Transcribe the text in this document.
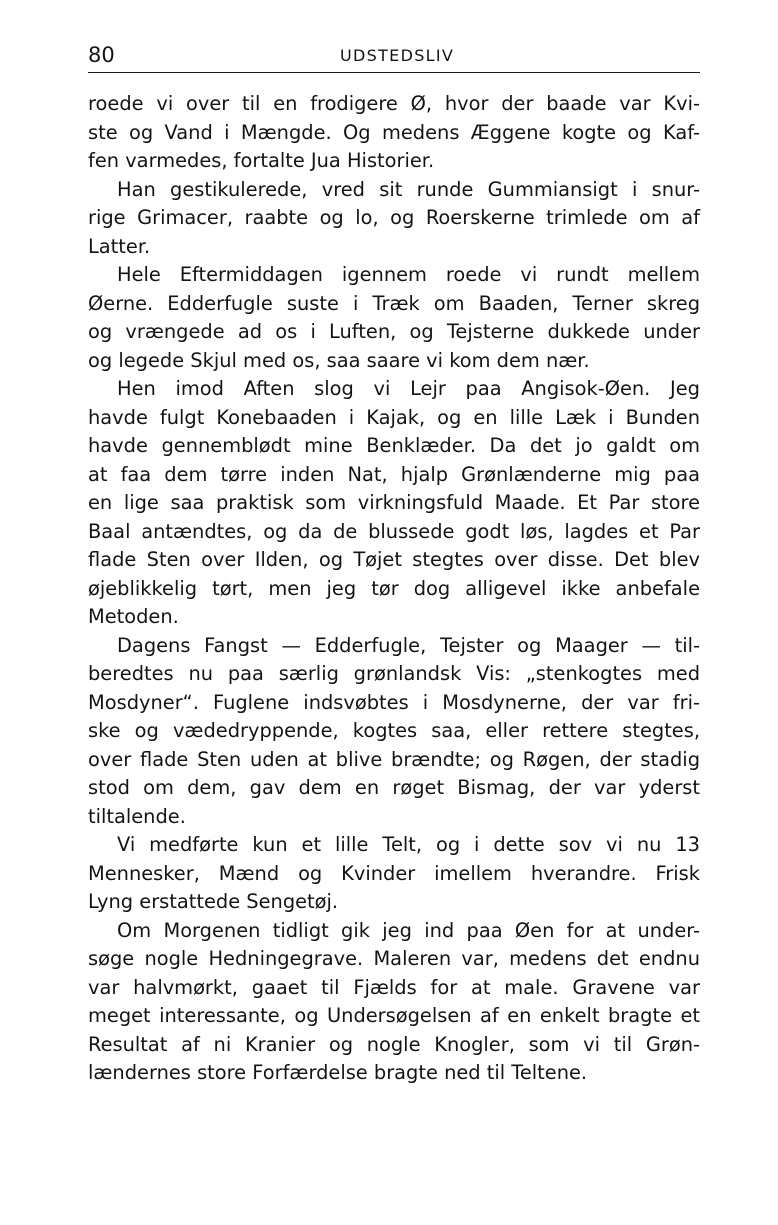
80	UDSTEDSLIV
roede vi over til en frodigere Ø, hvor der baade var Kvi-
ste og Vand i Mængde. Og medens Æggene kogte og Kaf-
fen varmedes, fortalte Jua Historier.
Han gestikulerede, vred sit runde Gummiansigt i snur-
rige Grimacer, raabte og lo, og Roerskerne trimlede om af
Latter.
Hele Eftermiddagen igennem roede vi rundt mellem
Øerne. Edderfugle suste i Træk om Baaden, Terner skreg
og vrængede ad os i Luften, og Tejsterne dukkede under
og legede Skjul med os, saa saare vi kom dem nær.
Hen imod Aften slog vi Lejr paa Angisok-Øen. Jeg
havde fulgt Konebaaden i Kajak, og en lille Læk i Bunden
havde gennemblødt mine Benklæder. Da det jo galdt om
at faa dem tørre inden Nat, hjalp Grønlænderne mig paa
en lige saa praktisk som virkningsfuld Maade. Et Par store
Baal antændtes, og da de blussede godt løs, lagdes et Par
flade Sten over Ilden, og Tøjet stegtes over disse. Det blev
øjeblikkelig tørt, men jeg tør dog alligevel ikke anbefale
Metoden.
Dagens Fangst — Edderfugle, Tejster og Maager — til-
beredtes nu paa særlig grønlandsk Vis: „stenkogtes med
Mosdyner“. Fuglene indsvøbtes i Mosdynerne, der var fri-
ske og vædedryppende, kogtes saa, eller rettere stegtes,
over flade Sten uden at blive brændte; og Røgen, der stadig
stod om dem, gav dem en røget Bismag, der var yderst
tiltalende.
Vi medførte kun et lille Telt, og i dette sov vi nu 13
Mennesker, Mænd og Kvinder imellem hverandre. Frisk
Lyng erstattede Sengetøj.
Om Morgenen tidligt gik jeg ind paa Øen for at under-
søge nogle Hedningegrave. Maleren var, medens det endnu
var halvmørkt, gaaet til Fjælds for at male. Gravene var
meget interessante, og Undersøgelsen af en enkelt bragte et
Resultat af ni Kranier og nogle Knogler, som vi til Grøn-
lændernes store Forfærdelse bragte ned til Teltene.
